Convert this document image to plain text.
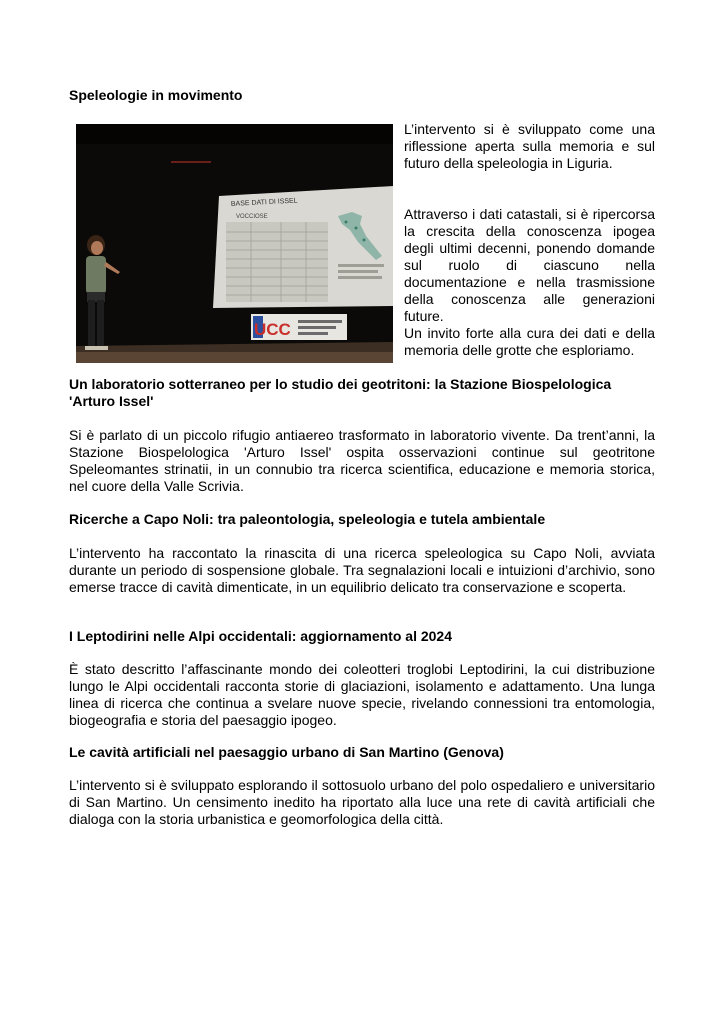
Speleologie in movimento
BASE DATI DI ISSEL
VOCCIOSE
UCC

L’intervento si è sviluppato come una riflessione aperta sulla memoria e sul futuro della speleologia in Liguria.

Attraverso i dati catastali, si è ripercorsa la crescita della conoscenza ipogea degli ultimi decenni, ponendo domande sul ruolo di ciascuno nella documentazione e nella trasmissione della conoscenza alle generazioni future.

Un invito forte alla cura dei dati e della memoria delle grotte che esploriamo.

Un laboratorio sotterraneo per lo studio dei geotritoni: la Stazione Biospelologica 'Arturo Issel'

Si è parlato di un piccolo rifugio antiaereo trasformato in laboratorio vivente. Da trent’anni, la Stazione Biospelologica 'Arturo Issel' ospita osservazioni continue sul geotritone Speleomantes strinatii, in un connubio tra ricerca scientifica, educazione e memoria storica, nel cuore della Valle Scrivia.

Ricerche a Capo Noli: tra paleontologia, speleologia e tutela ambientale

L’intervento ha raccontato la rinascita di una ricerca speleologica su Capo Noli, avviata durante un periodo di sospensione globale. Tra segnalazioni locali e intuizioni d’archivio, sono emerse tracce di cavità dimenticate, in un equilibrio delicato tra conservazione e scoperta.

I Leptodirini nelle Alpi occidentali: aggiornamento al 2024

È stato descritto l’affascinante mondo dei coleotteri troglobi Leptodirini, la cui distribuzione lungo le Alpi occidentali racconta storie di glaciazioni, isolamento e adattamento. Una lunga linea di ricerca che continua a svelare nuove specie, rivelando connessioni tra entomologia, biogeografia e storia del paesaggio ipogeo.

Le cavità artificiali nel paesaggio urbano di San Martino (Genova)

L’intervento si è sviluppato esplorando il sottosuolo urbano del polo ospedaliero e universitario di San Martino. Un censimento inedito ha riportato alla luce una rete di cavità artificiali che dialoga con la storia urbanistica e geomorfologica della città.
